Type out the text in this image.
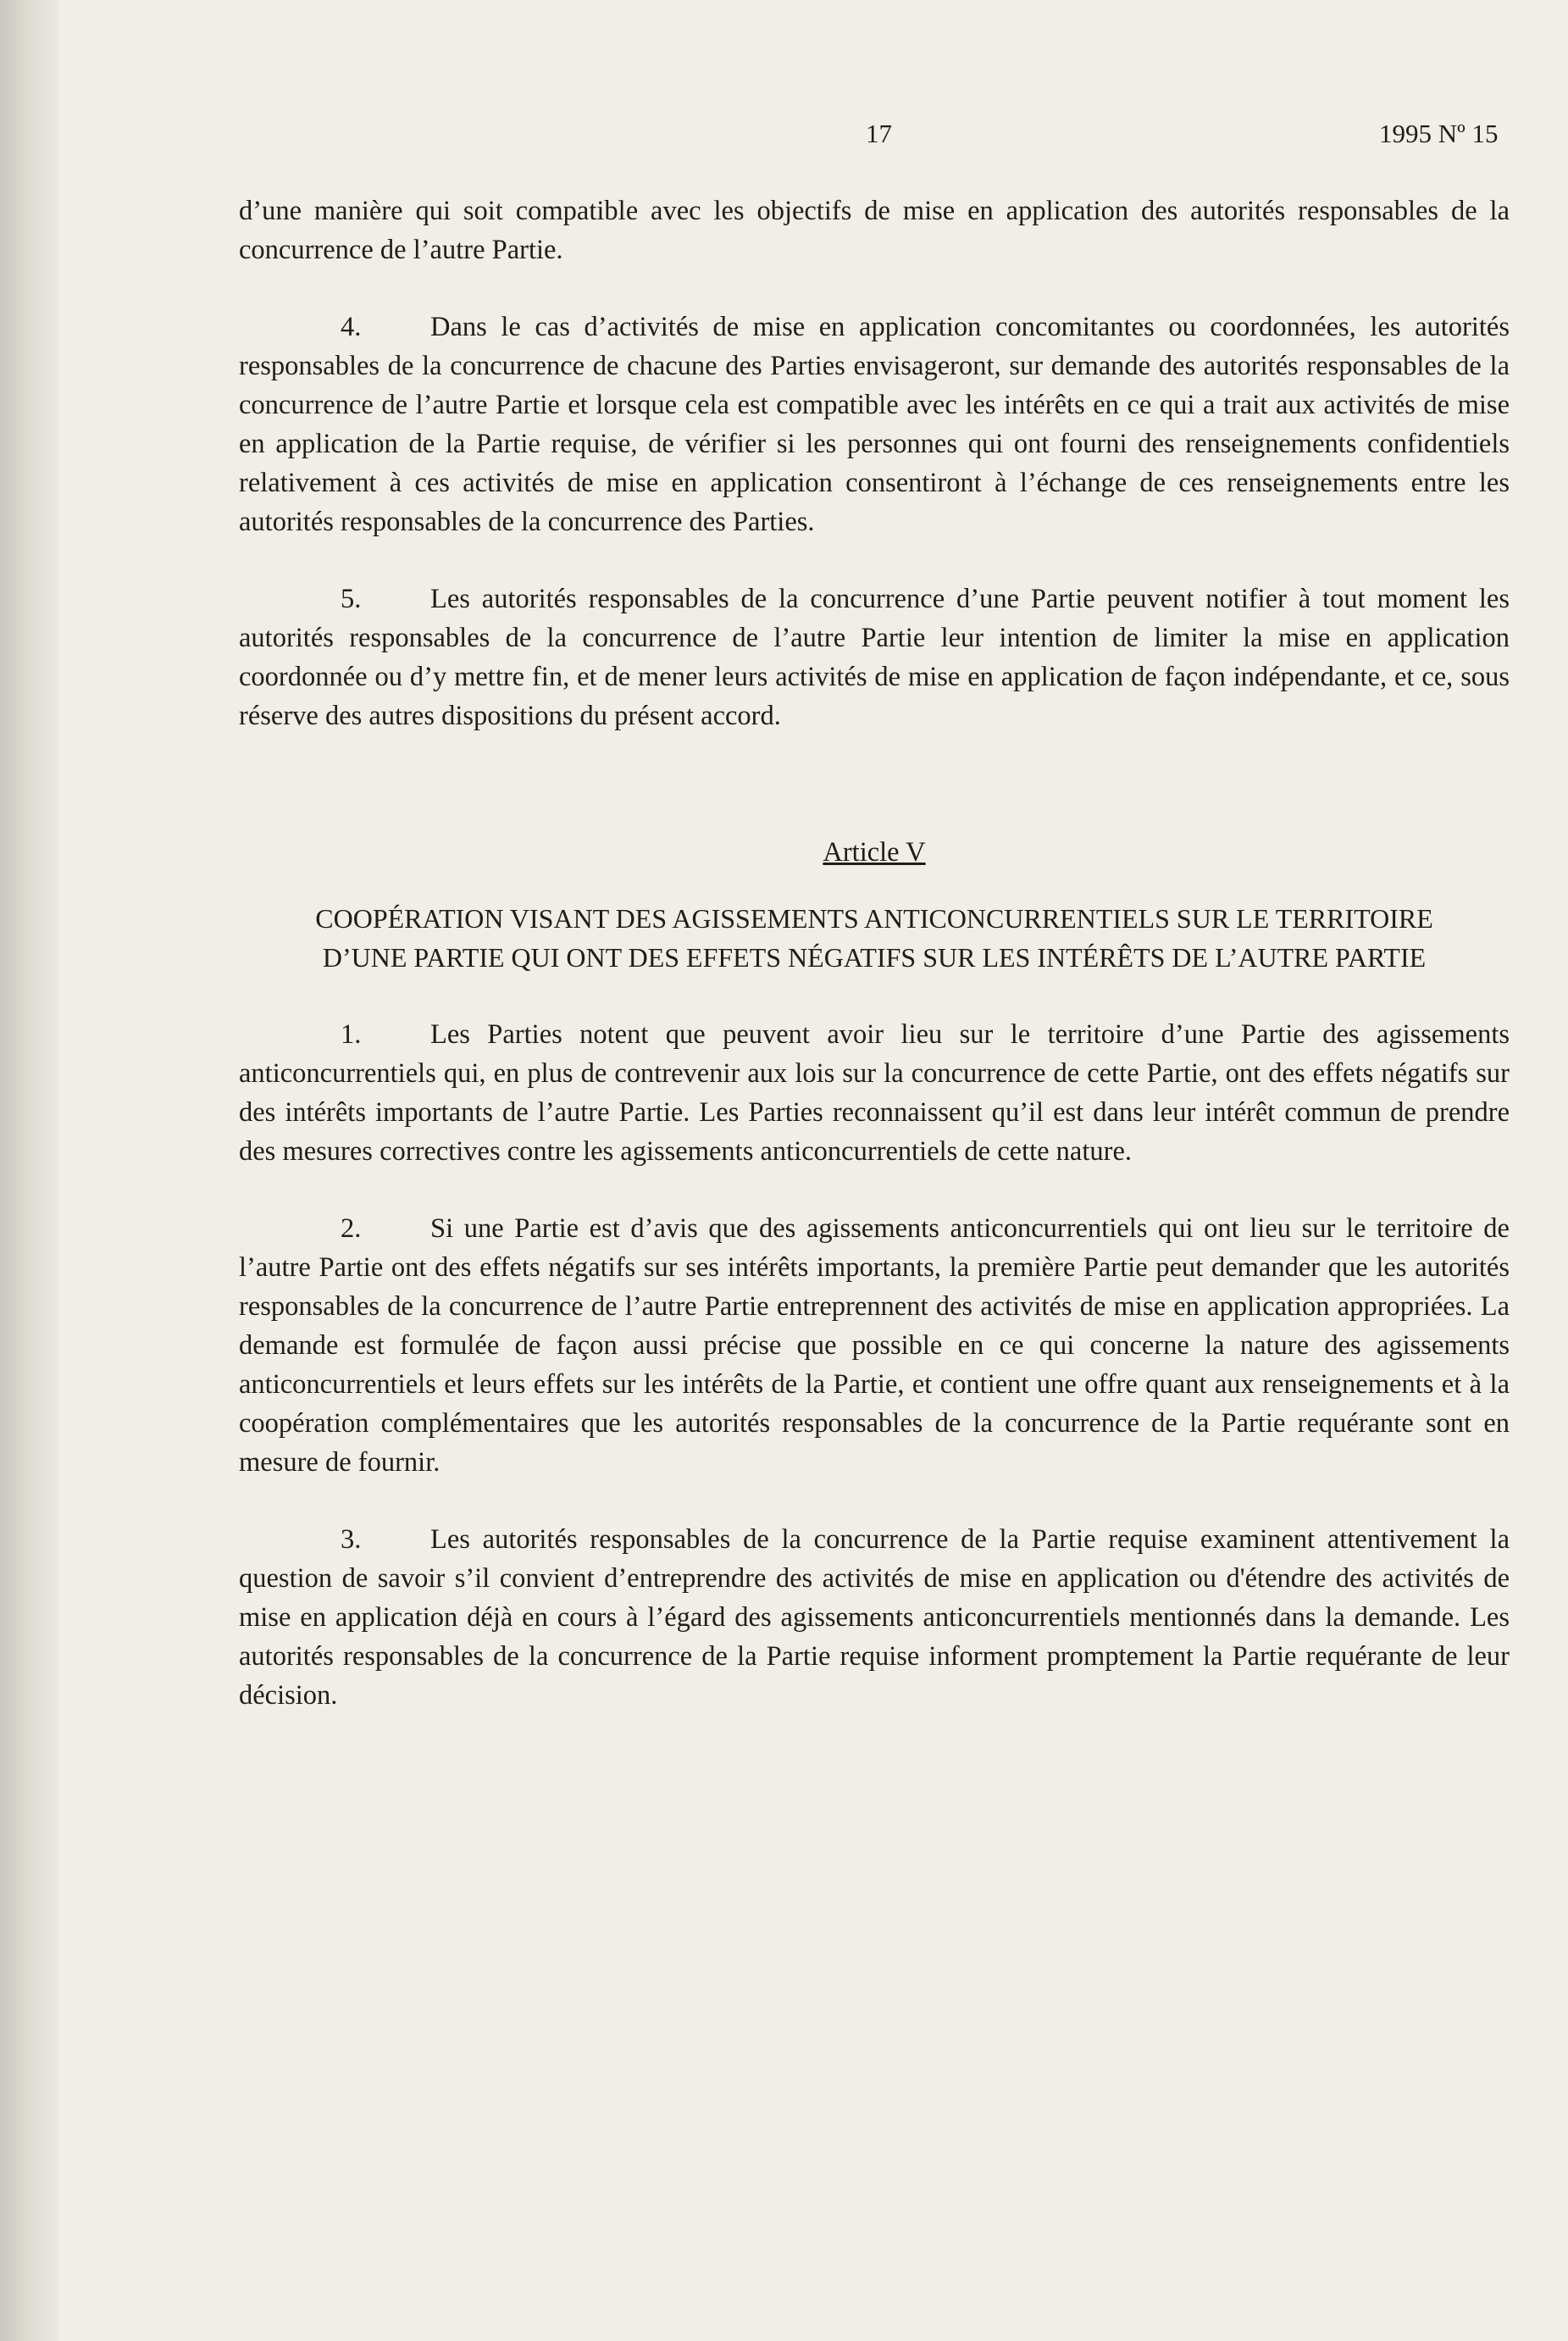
17	1995 Nº 15

d’une manière qui soit compatible avec les objectifs de mise en application des autorités responsables de la concurrence de l’autre Partie.

4.	Dans le cas d’activités de mise en application concomitantes ou coordonnées, les autorités responsables de la concurrence de chacune des Parties envisageront, sur demande des autorités responsables de la concurrence de l’autre Partie et lorsque cela est compatible avec les intérêts en ce qui a trait aux activités de mise en application de la Partie requise, de vérifier si les personnes qui ont fourni des renseignements confidentiels relativement à ces activités de mise en application consentiront à l’échange de ces renseignements entre les autorités responsables de la concurrence des Parties.

5.	Les autorités responsables de la concurrence d’une Partie peuvent notifier à tout moment les autorités responsables de la concurrence de l’autre Partie leur intention de limiter la mise en application coordonnée ou d’y mettre fin, et de mener leurs activités de mise en application de façon indépendante, et ce, sous réserve des autres dispositions du présent accord.

Article V
COOPÉRATION VISANT DES AGISSEMENTS ANTICONCURRENTIELS SUR LE TERRITOIRE D’UNE PARTIE QUI ONT DES EFFETS NÉGATIFS SUR LES INTÉRÊTS DE L’AUTRE PARTIE

1.	Les Parties notent que peuvent avoir lieu sur le territoire d’une Partie des agissements anticoncurrentiels qui, en plus de contrevenir aux lois sur la concurrence de cette Partie, ont des effets négatifs sur des intérêts importants de l’autre Partie. Les Parties reconnaissent qu’il est dans leur intérêt commun de prendre des mesures correctives contre les agissements anticoncurrentiels de cette nature.

2.	Si une Partie est d’avis que des agissements anticoncurrentiels qui ont lieu sur le territoire de l’autre Partie ont des effets négatifs sur ses intérêts importants, la première Partie peut demander que les autorités responsables de la concurrence de l’autre Partie entreprennent des activités de mise en application appropriées. La demande est formulée de façon aussi précise que possible en ce qui concerne la nature des agissements anticoncurrentiels et leurs effets sur les intérêts de la Partie, et contient une offre quant aux renseignements et à la coopération complémentaires que les autorités responsables de la concurrence de la Partie requérante sont en mesure de fournir.

3.	Les autorités responsables de la concurrence de la Partie requise examinent attentivement la question de savoir s’il convient d’entreprendre des activités de mise en application ou d'étendre des activités de mise en application déjà en cours à l’égard des agissements anticoncurrentiels mentionnés dans la demande. Les autorités responsables de la concurrence de la Partie requise informent promptement la Partie requérante de leur décision.
